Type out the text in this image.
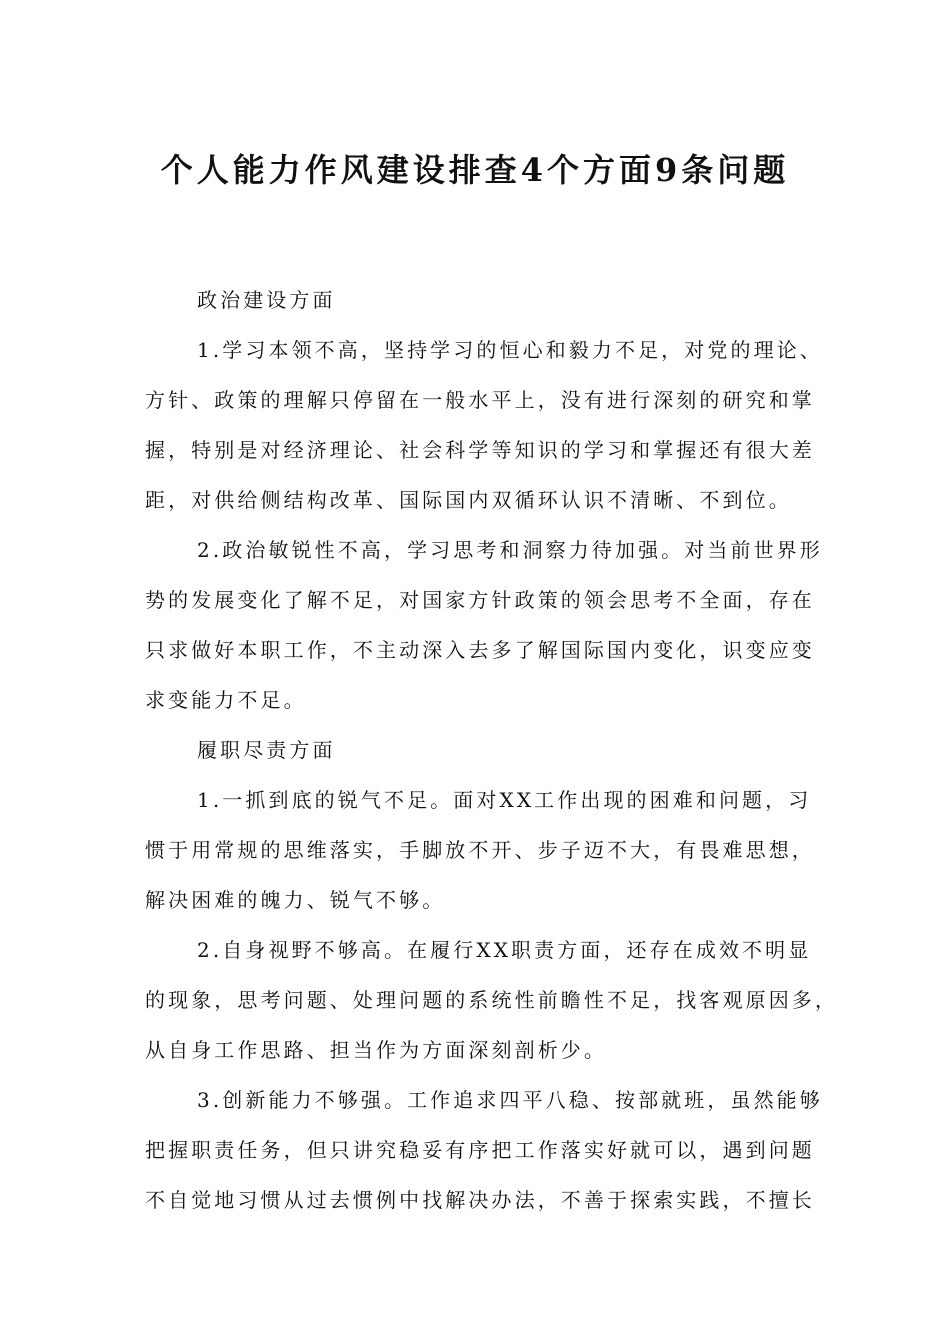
个人能力作风建设排查4个方面9条问题
政治建设方面
1.学习本领不高，坚持学习的恒心和毅力不足，对党的理论、
方针、政策的理解只停留在一般水平上，没有进行深刻的研究和掌
握，特别是对经济理论、社会科学等知识的学习和掌握还有很大差
距，对供给侧结构改革、国际国内双循环认识不清晰、不到位。
2.政治敏锐性不高，学习思考和洞察力待加强。对当前世界形
势的发展变化了解不足，对国家方针政策的领会思考不全面，存在
只求做好本职工作，不主动深入去多了解国际国内变化，识变应变
求变能力不足。
履职尽责方面
1.一抓到底的锐气不足。面对XX工作出现的困难和问题，习
惯于用常规的思维落实，手脚放不开、步子迈不大，有畏难思想，
解决困难的魄力、锐气不够。
2.自身视野不够高。在履行XX职责方面，还存在成效不明显
的现象，思考问题、处理问题的系统性前瞻性不足，找客观原因多，
从自身工作思路、担当作为方面深刻剖析少。
3.创新能力不够强。工作追求四平八稳、按部就班，虽然能够
把握职责任务，但只讲究稳妥有序把工作落实好就可以，遇到问题
不自觉地习惯从过去惯例中找解决办法，不善于探索实践，不擅长
